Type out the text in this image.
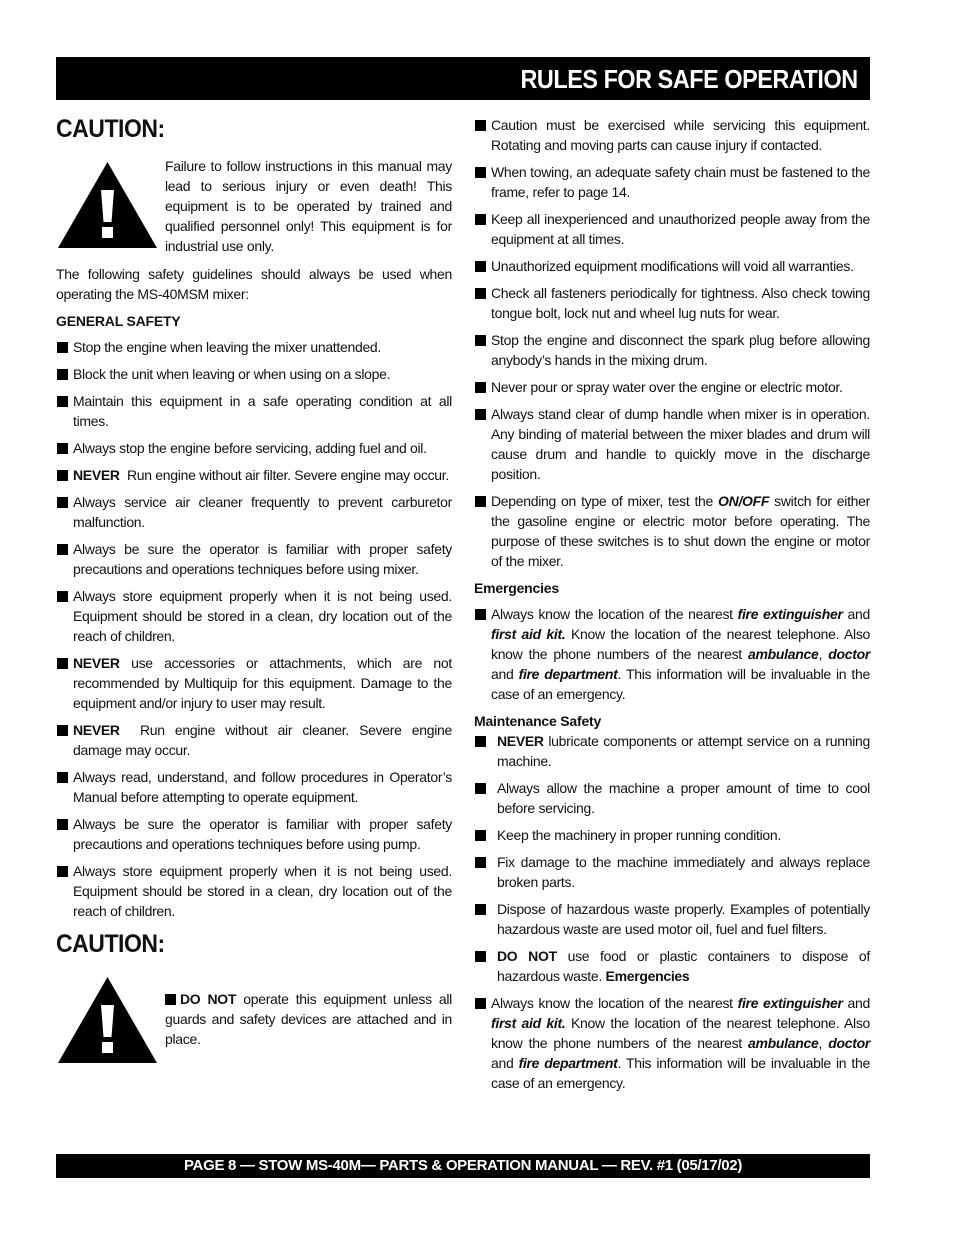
RULES FOR SAFE OPERATION
CAUTION:
Failure to follow instructions in this manual may lead to serious injury or even death! This equipment is to be operated by trained and qualified personnel only! This equipment is for industrial use only.

The following safety guidelines should always be used when operating the MS-40MSM mixer:

GENERAL SAFETY
Stop the engine when leaving the mixer unattended.
Block the unit when leaving or when using on a slope.
Maintain this equipment in a safe operating condition at all times.
Always stop the engine before servicing, adding fuel and oil.
NEVER Run engine without air filter. Severe engine may occur.
Always service air cleaner frequently to prevent carburetor malfunction.
Always be sure the operator is familiar with proper safety precautions and operations techniques before using mixer.
Always store equipment properly when it is not being used. Equipment should be stored in a clean, dry location out of the reach of children.
NEVER use accessories or attachments, which are not recommended by Multiquip for this equipment. Damage to the equipment and/or injury to user may result.
NEVER Run engine without air cleaner. Severe engine damage may occur.
Always read, understand, and follow procedures in Operator’s Manual before attempting to operate equipment.
Always be sure the operator is familiar with proper safety precautions and operations techniques before using pump.
Always store equipment properly when it is not being used. Equipment should be stored in a clean, dry location out of the reach of children.
CAUTION:
DO NOT operate this equipment unless all guards and safety devices are attached and in place.
Caution must be exercised while servicing this equipment. Rotating and moving parts can cause injury if contacted.
When towing, an adequate safety chain must be fastened to the frame, refer to page 14.
Keep all inexperienced and unauthorized people away from the equipment at all times.
Unauthorized equipment modifications will void all warranties.
Check all fasteners periodically for tightness. Also check towing tongue bolt, lock nut and wheel lug nuts for wear.
Stop the engine and disconnect the spark plug before allowing anybody’s hands in the mixing drum.
Never pour or spray water over the engine or electric motor.
Always stand clear of dump handle when mixer is in operation. Any binding of material between the mixer blades and drum will cause drum and handle to quickly move in the discharge position.
Depending on type of mixer, test the ON/OFF switch for either the gasoline engine or electric motor before operating. The purpose of these switches is to shut down the engine or motor of the mixer.
Emergencies
Always know the location of the nearest fire extinguisher and first aid kit. Know the location of the nearest telephone. Also know the phone numbers of the nearest ambulance, doctor and fire department. This information will be invaluable in the case of an emergency.
Maintenance Safety
NEVER lubricate components or attempt service on a running machine.
Always allow the machine a proper amount of time to cool before servicing.
Keep the machinery in proper running condition.
Fix damage to the machine immediately and always replace broken parts.
Dispose of hazardous waste properly. Examples of potentially hazardous waste are used motor oil, fuel and fuel filters.
DO NOT use food or plastic containers to dispose of hazardous waste. Emergencies
Always know the location of the nearest fire extinguisher and first aid kit. Know the location of the nearest telephone. Also know the phone numbers of the nearest ambulance, doctor and fire department. This information will be invaluable in the case of an emergency.
PAGE 8 — STOW MS-40M— PARTS & OPERATION MANUAL — REV. #1 (05/17/02)
